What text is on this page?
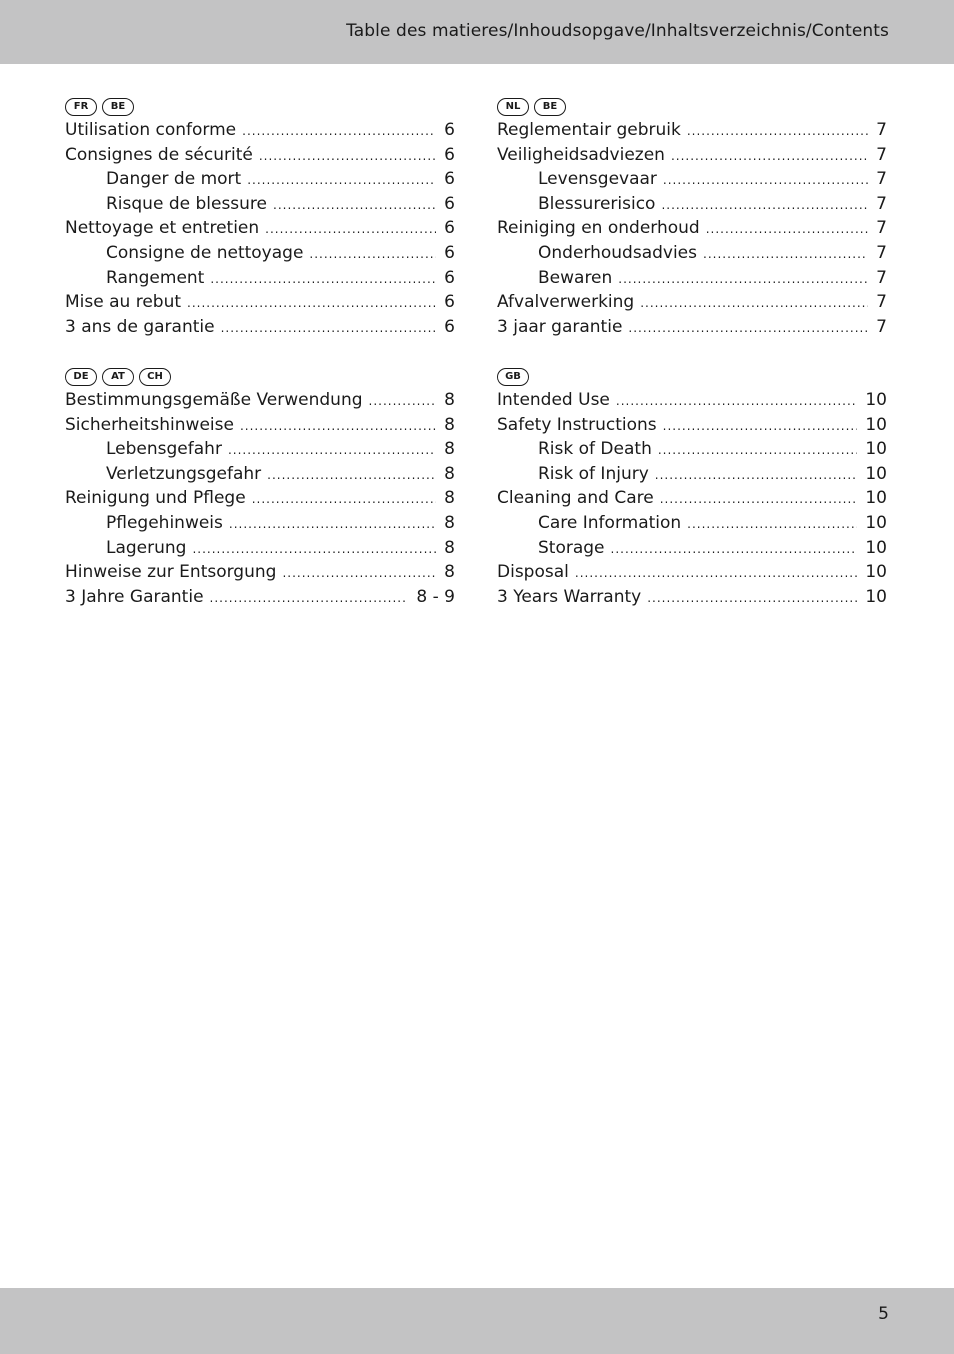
Table des matieres/Inhoudsopgave/Inhaltsverzeichnis/Contents
FR	BE
Utilisation conforme .....	6
Consignes de sécurité .....	6
Danger de mort .....	6
Risque de blessure .....	6
Nettoyage et entretien .....	6
Consigne de nettoyage .....	6
Rangement .....	6
Mise au rebut .....	6
3 ans de garantie .....	6
NL	BE
Reglementair gebruik .....	7
Veiligheidsadviezen .....	7
Levensgevaar .....	7
Blessurerisico .....	7
Reiniging en onderhoud .....	7
Onderhoudsadvies .....	7
Bewaren .....	7
Afvalverwerking .....	7
3 jaar garantie .....	7
DE	AT	CH
Bestimmungsgemäße Verwendung .....	8
Sicherheitshinweise .....	8
Lebensgefahr .....	8
Verletzungsgefahr .....	8
Reinigung und Pflege .....	8
Pflegehinweis .....	8
Lagerung .....	8
Hinweise zur Entsorgung .....	8
3 Jahre Garantie .....	8 - 9
GB
Intended Use .....	10
Safety Instructions .....	10
Risk of Death .....	10
Risk of Injury .....	10
Cleaning and Care .....	10
Care Information .....	10
Storage .....	10
Disposal .....	10
3 Years Warranty .....	10
5
